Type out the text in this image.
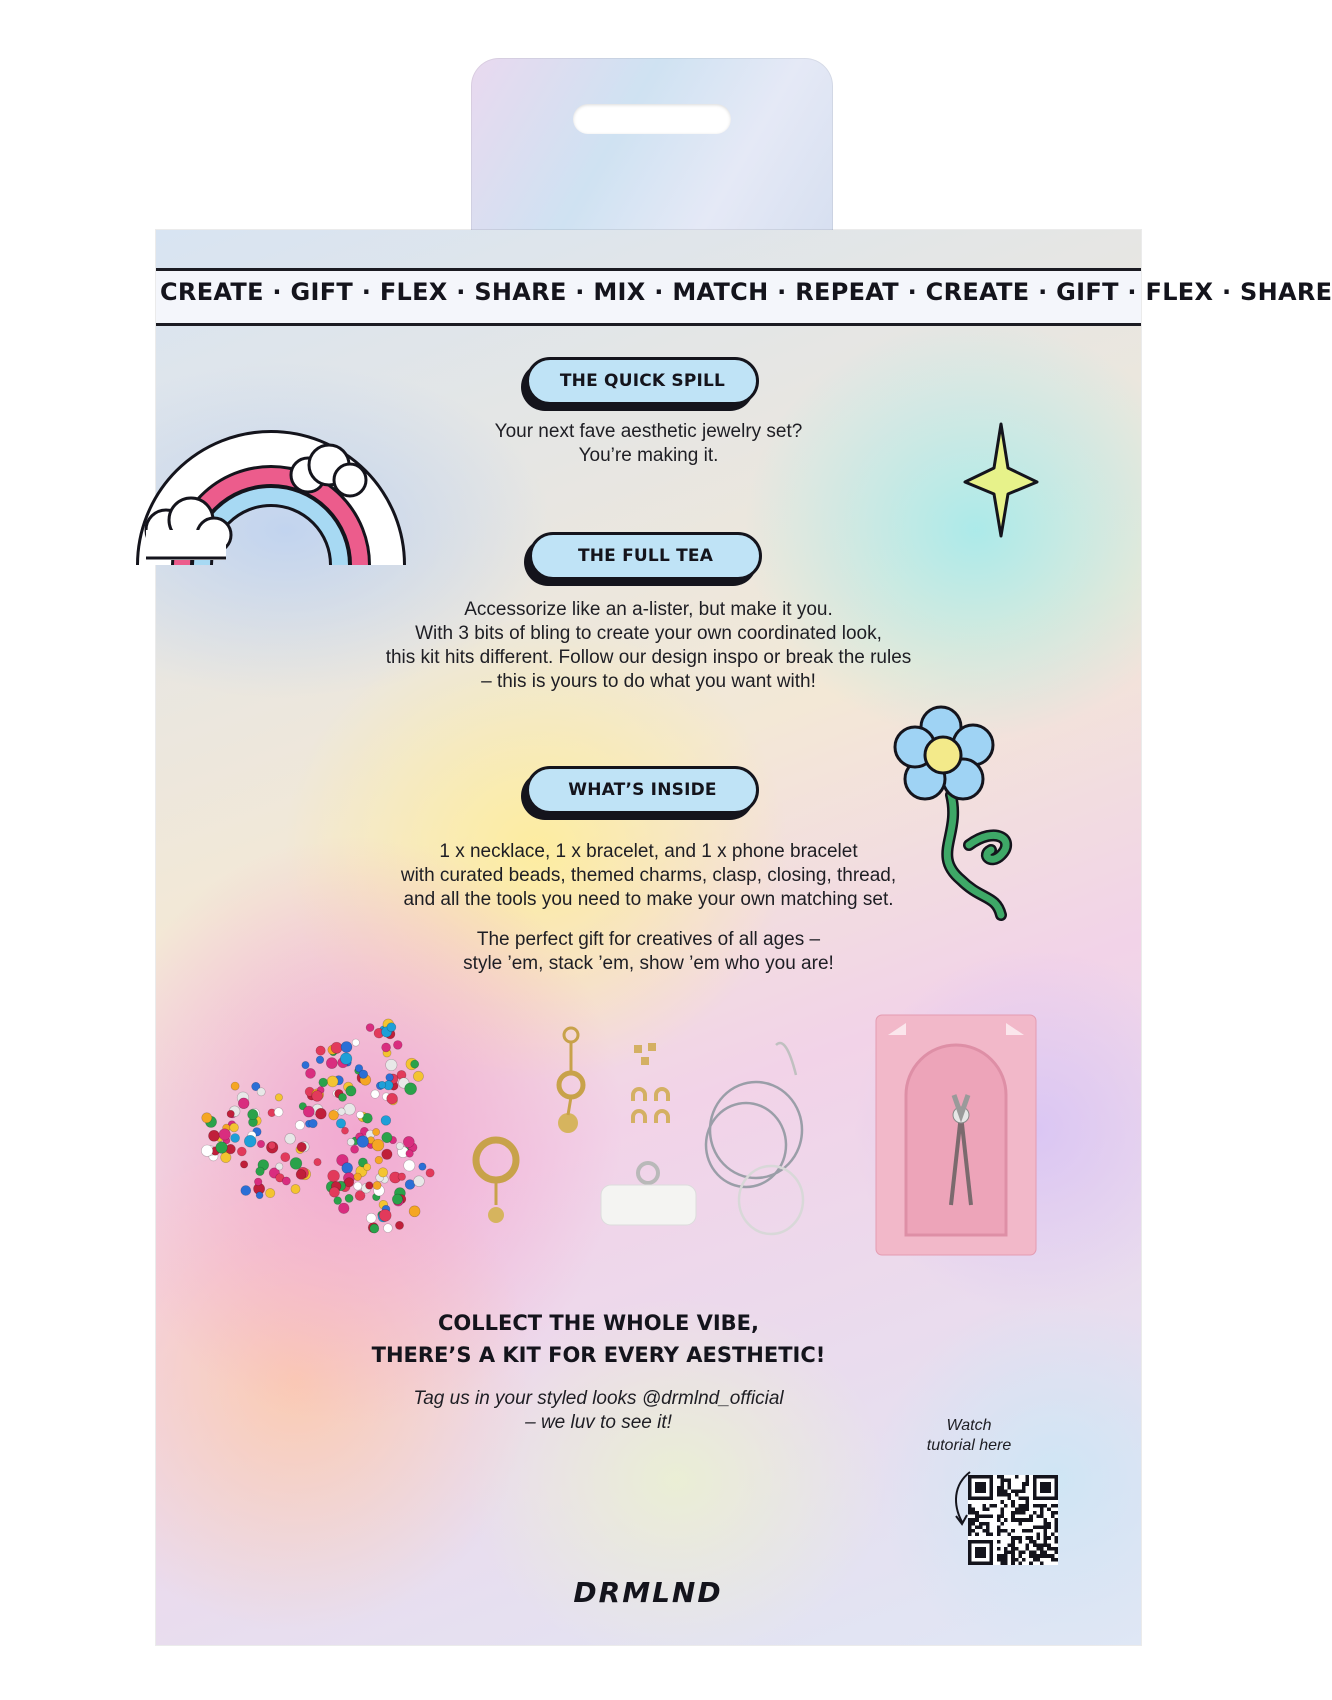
CREATE · GIFT · FLEX · SHARE · MIX · MATCH · REPEAT · CREATE · GIFT · FLEX · SHARE
THE QUICK SPILL
Your next fave aesthetic jewelry set?
You’re making it.
THE FULL TEA
Accessorize like an a-lister, but make it you.
With 3 bits of bling to create your own coordinated look,
this kit hits different. Follow our design inspo or break the rules
– this is yours to do what you want with!
WHAT’S INSIDE
1 x necklace, 1 x bracelet, and 1 x phone bracelet
with curated beads, themed charms, clasp, closing, thread,
and all the tools you need to make your own matching set.
The perfect gift for creatives of all ages –
style ’em, stack ’em, show ’em who you are!
COLLECT THE WHOLE VIBE,
THERE’S A KIT FOR EVERY AESTHETIC!
Tag us in your styled looks @drmlnd_official
– we luv to see it!	Watch
tutorial here
DRMLND
